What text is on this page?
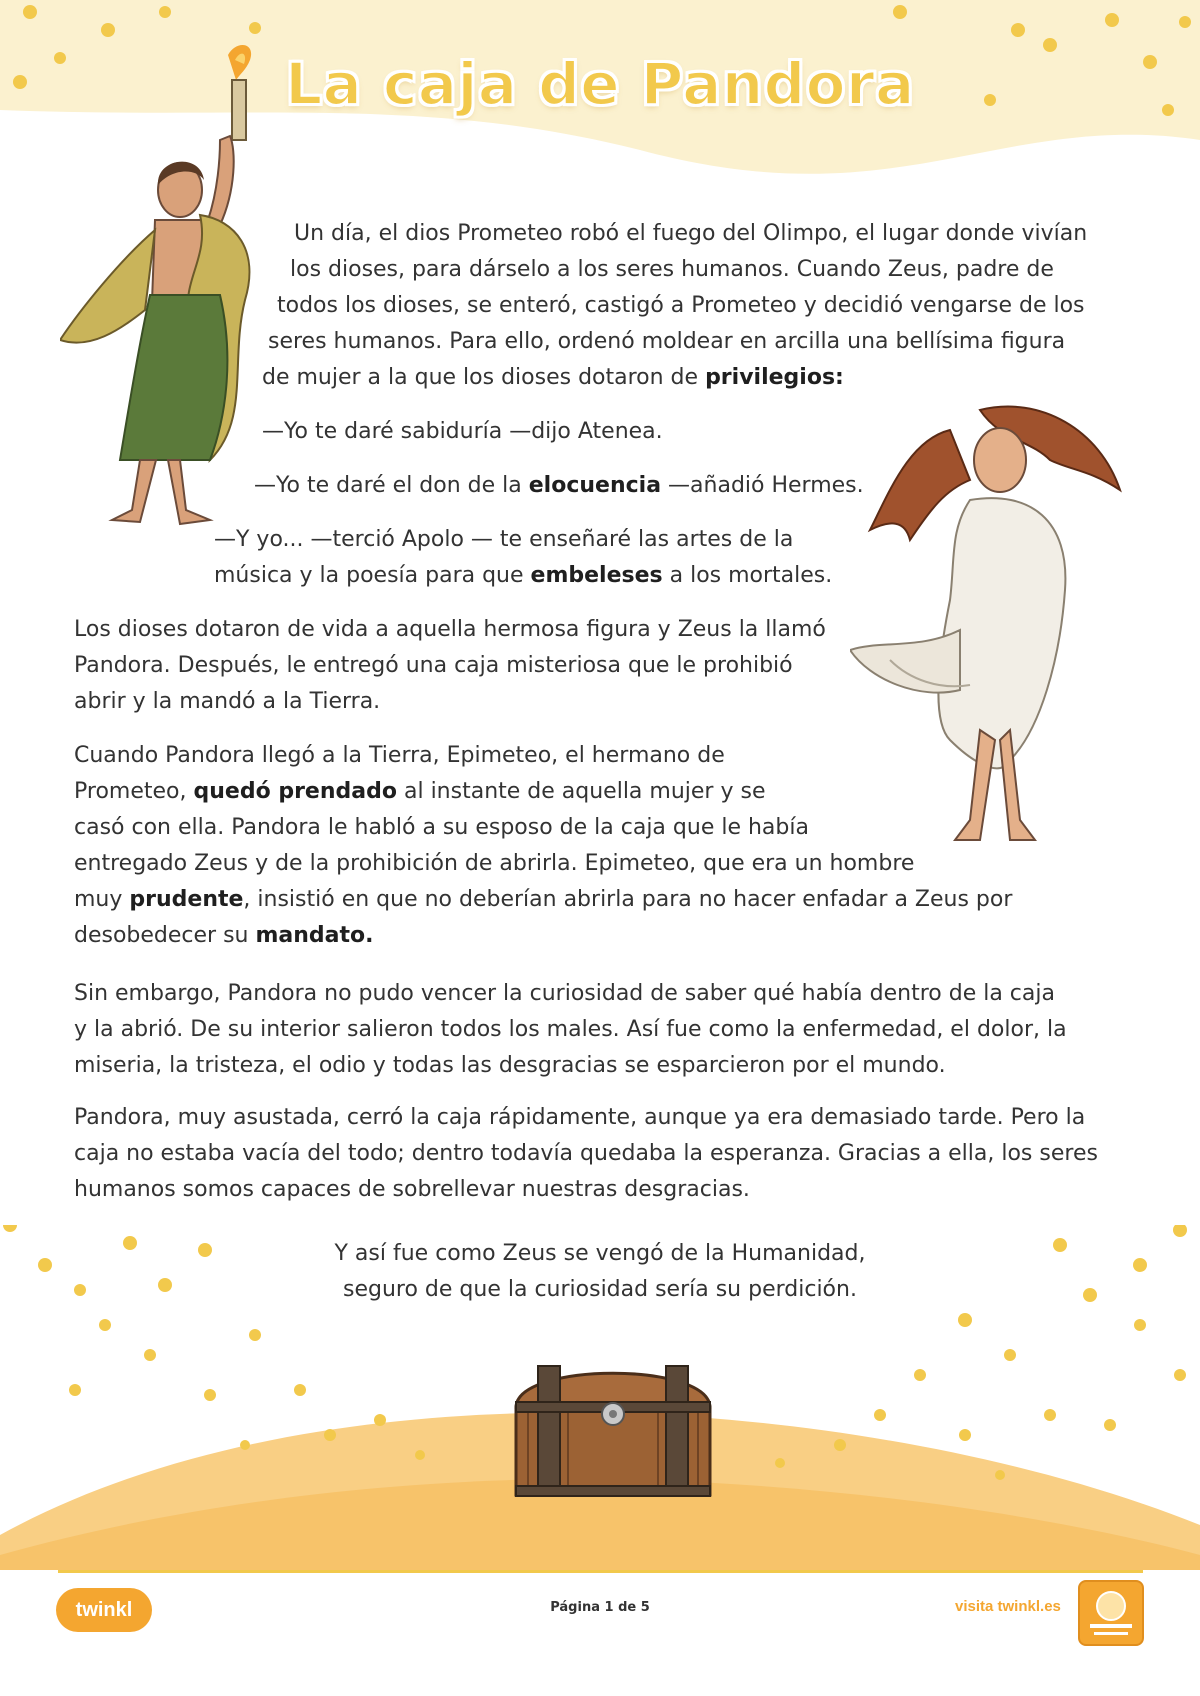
La caja de Pandora
Un día, el dios Prometeo robó el fuego del Olimpo, el lugar donde vivían
los dioses, para dárselo a los seres humanos. Cuando Zeus, padre de
todos los dioses, se enteró, castigó a Prometeo y decidió vengarse de los
seres humanos. Para ello, ordenó moldear en arcilla una bellísima figura
de mujer a la que los dioses dotaron de privilegios:
—Yo te daré sabiduría —dijo Atenea.
—Yo te daré el don de la elocuencia —añadió Hermes.
—Y yo... —terció Apolo — te enseñaré las artes de la
música y la poesía para que embeleses a los mortales.
Los dioses dotaron de vida a aquella hermosa figura y Zeus la llamó
Pandora. Después, le entregó una caja misteriosa que le prohibió
abrir y la mandó a la Tierra.
Cuando Pandora llegó a la Tierra, Epimeteo, el hermano de
Prometeo, quedó prendado al instante de aquella mujer y se
casó con ella. Pandora le habló a su esposo de la caja que le había
entregado Zeus y de la prohibición de abrirla. Epimeteo, que era un hombre
muy prudente, insistió en que no deberían abrirla para no hacer enfadar a Zeus por
desobedecer su mandato.
Sin embargo, Pandora no pudo vencer la curiosidad de saber qué había dentro de la caja
y la abrió. De su interior salieron todos los males. Así fue como la enfermedad, el dolor, la
miseria, la tristeza, el odio y todas las desgracias se esparcieron por el mundo.
Pandora, muy asustada, cerró la caja rápidamente, aunque ya era demasiado tarde. Pero la
caja no estaba vacía del todo; dentro todavía quedaba la esperanza. Gracias a ella, los seres
humanos somos capaces de sobrellevar nuestras desgracias.
Y así fue como Zeus se vengó de la Humanidad,
seguro de que la curiosidad sería su perdición.
twinkl	Página 1 de 5	visita twinkl.es
